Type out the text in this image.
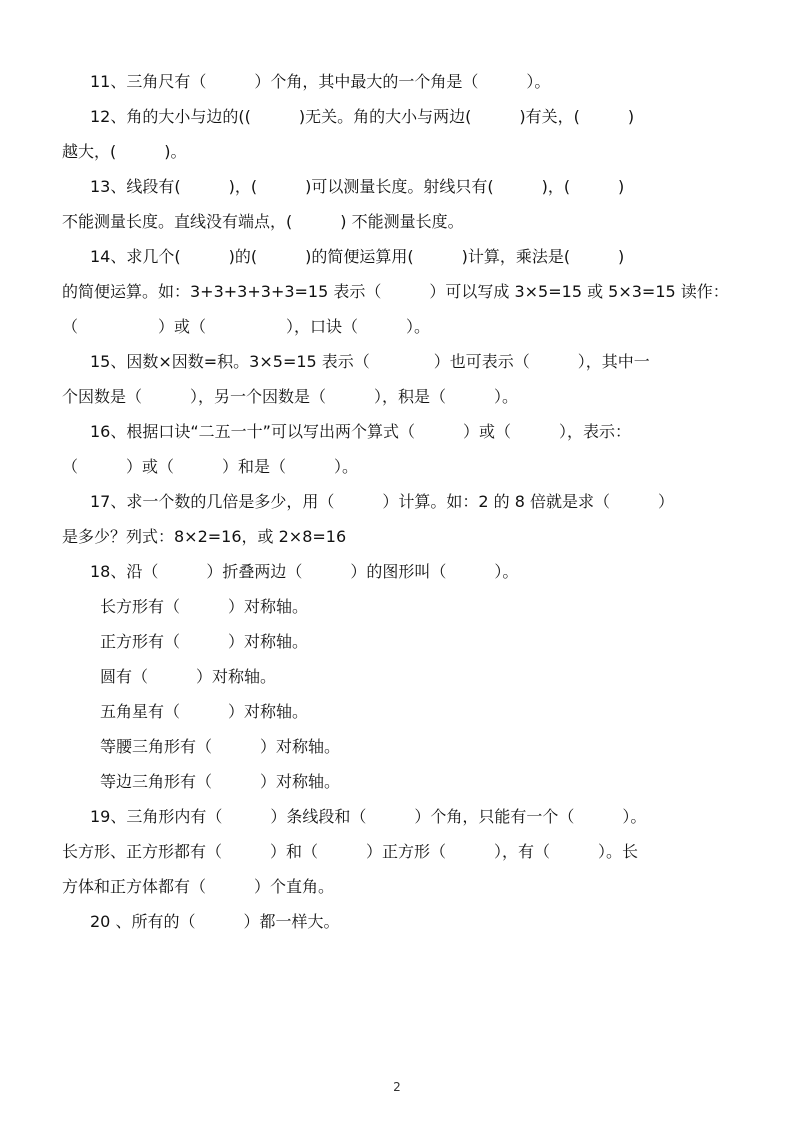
11、三角尺有（　　　）个角，其中最大的一个角是（　　　）。
12、角的大小与边的((　　　)无关。角的大小与两边(　　　)有关，(　　　)
越大，(　　　)。
13、线段有(　　　)，(　　　)可以测量长度。射线只有(　　　)，(　　　)
不能测量长度。直线没有端点，(　　　) 不能测量长度。
14、求几个(　　　)的(　　　)的简便运算用(　　　)计算，乘法是(　　　)
的简便运算。如：3+3+3+3+3=15 表示（　　　）可以写成 3×5=15 或 5×3=15 读作：
（　　　　　）或（　　　　　），口诀（　　　）。
15、因数×因数=积。3×5=15 表示（　　　　）也可表示（　　　），其中一
个因数是（　　　），另一个因数是（　　　），积是（　　　）。
16、根据口诀“二五一十”可以写出两个算式（　　　）或（　　　），表示：
（　　　）或（　　　）和是（　　　）。
17、求一个数的几倍是多少，用（　　　）计算。如：2 的 8 倍就是求（　　　）
是多少？列式：8×2=16，或 2×8=16
18、沿（　　　）折叠两边（　　　）的图形叫（　　　）。
长方形有（　　　）对称轴。
正方形有（　　　）对称轴。
圆有（　　　）对称轴。
五角星有（　　　）对称轴。
等腰三角形有（　　　）对称轴。
等边三角形有（　　　）对称轴。
19、三角形内有（　　　）条线段和（　　　）个角，只能有一个（　　　）。
长方形、正方形都有（　　　）和（　　　）正方形（　　　），有（　　　）。长
方体和正方体都有（　　　）个直角。
20 、所有的（　　　）都一样大。
2
